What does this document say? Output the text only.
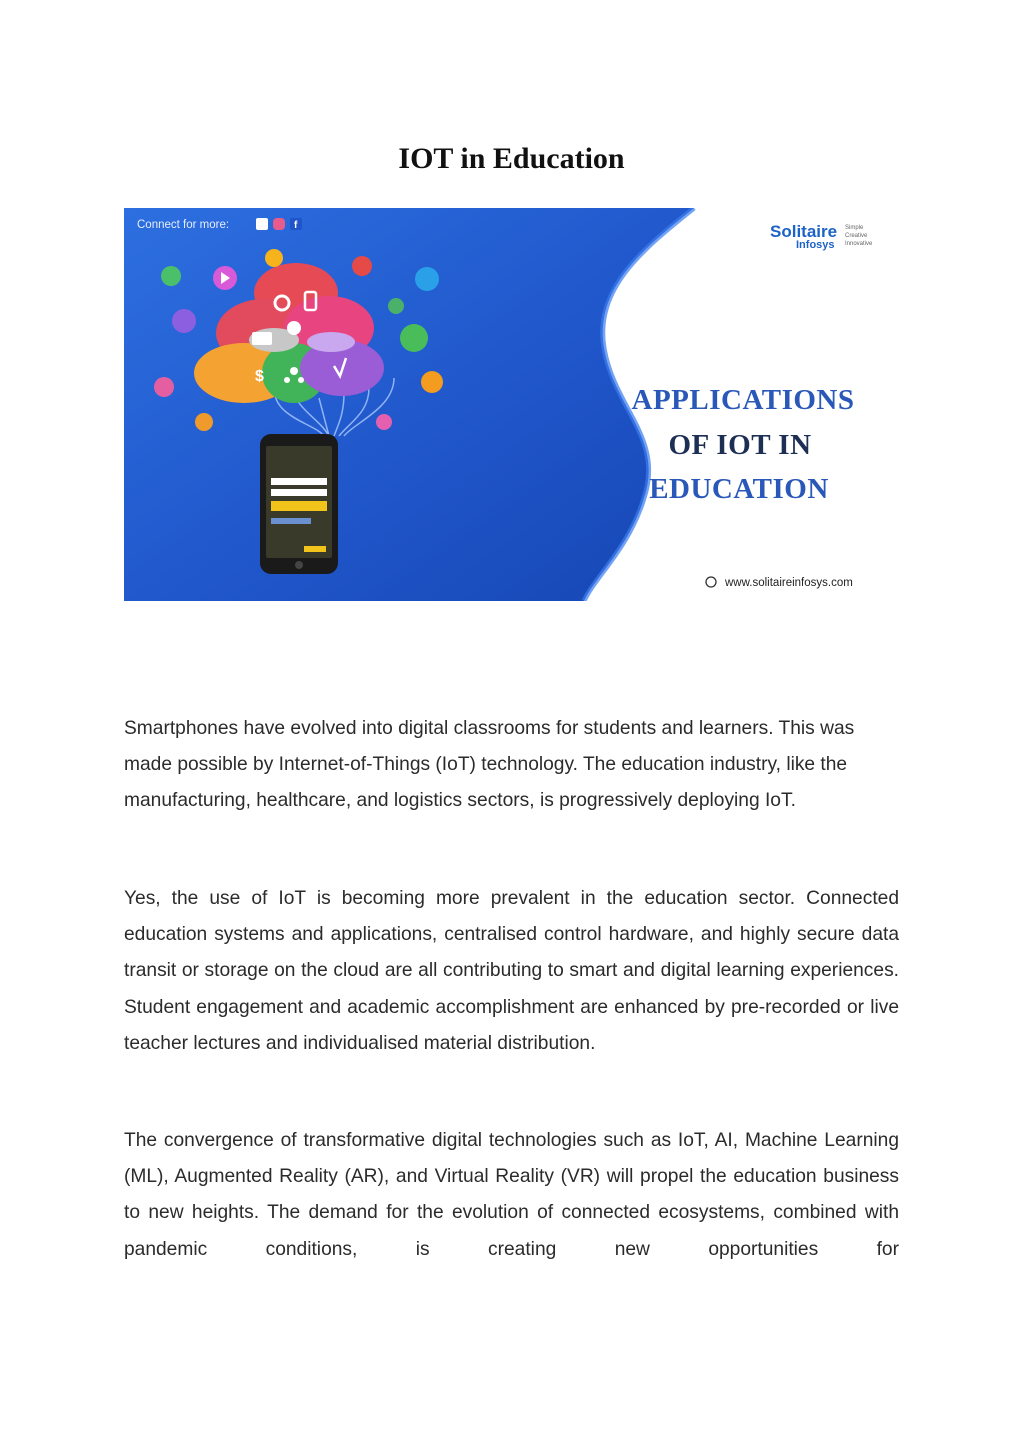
IOT in Education
$
Connect for more:	f	Solitaire
Infosys
Simple
Creative
Innovative
APPLICATIONS
OF IOT IN
EDUCATION
www.solitaireinfosys.com

Smartphones have evolved into digital classrooms for students and learners. This was made possible by Internet-of-Things (IoT) technology. The education industry, like the manufacturing, healthcare, and logistics sectors, is progressively deploying IoT.

Yes, the use of IoT is becoming more prevalent in the education sector. Connected education systems and applications, centralised control hardware, and highly secure data transit or storage on the cloud are all contributing to smart and digital learning experiences. Student engagement and academic accomplishment are enhanced by pre-recorded or live teacher lectures and individualised material distribution.

The convergence of transformative digital technologies such as IoT, AI, Machine Learning (ML), Augmented Reality (AR), and Virtual Reality (VR) will propel the education business to new heights. The demand for the evolution of connected ecosystems, combined with pandemic conditions, is creating new opportunities for
